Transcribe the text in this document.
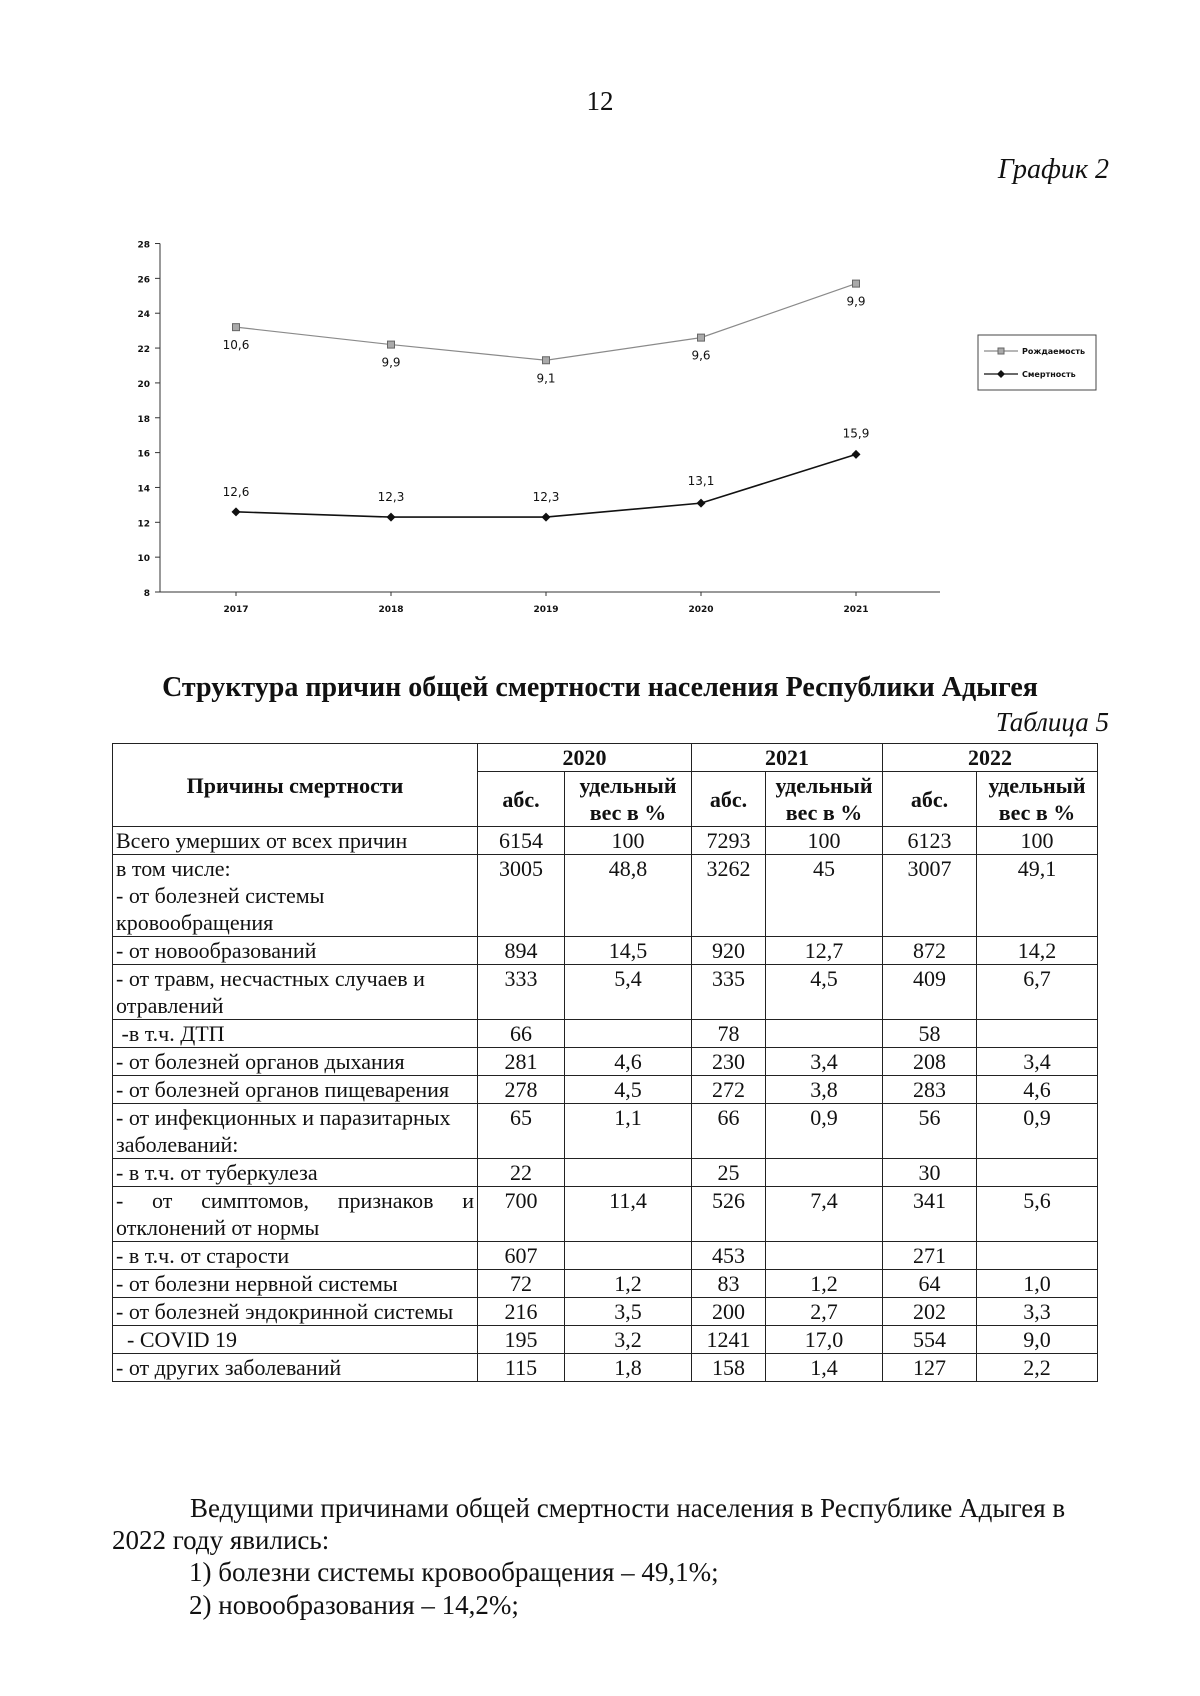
12
График 2
8
10
12
14
16
18
20
22
24
26
28
2017	2018	2019	2020	2021
10,6
9,9
9,1
9,6
9,9
12,6	12,3	12,3
13,1
15,9
Рождаемость
Смертность
Структура причин общей смертности населения Республики Адыгея
Таблица 5
Причины смертности	2020		2021		2022	
	абс.	удельный вес в %	абс.	удельный вес в %	абс.	удельный вес в %
Всего умерших от всех причин	6154	100	7293	100	6123	100
в том числе:
- от болезней системы кровообращения	3005	48,8	3262	45	3007	49,1
- от новообразований	894	14,5	920	12,7	872	14,2
- от травм, несчастных случаев и отравлений	333	5,4	335	4,5	409	6,7
-в т.ч. ДТП	66		78		58	
- от болезней органов дыхания	281	4,6	230	3,4	208	3,4
- от болезней органов пищеварения	278	4,5	272	3,8	283	4,6
- от инфекционных и паразитарных заболеваний:	65	1,1	66	0,9	56	0,9
- в т.ч. от туберкулеза	22		25		30	
- от симптомов, признаков и отклонений от нормы	700	11,4	526	7,4	341	5,6
- в т.ч. от старости	607		453		271	
- от болезни нервной системы	72	1,2	83	1,2	64	1,0
- от болезней эндокринной системы	216	3,5	200	2,7	202	3,3
- COVID 19	195	3,2	1241	17,0	554	9,0
- от других заболеваний	115	1,8	158	1,4	127	2,2
Ведущими причинами общей смертности населения в Республике Адыгея в 2022 году явились:
1) болезни системы кровообращения – 49,1%;
2) новообразования – 14,2%;
